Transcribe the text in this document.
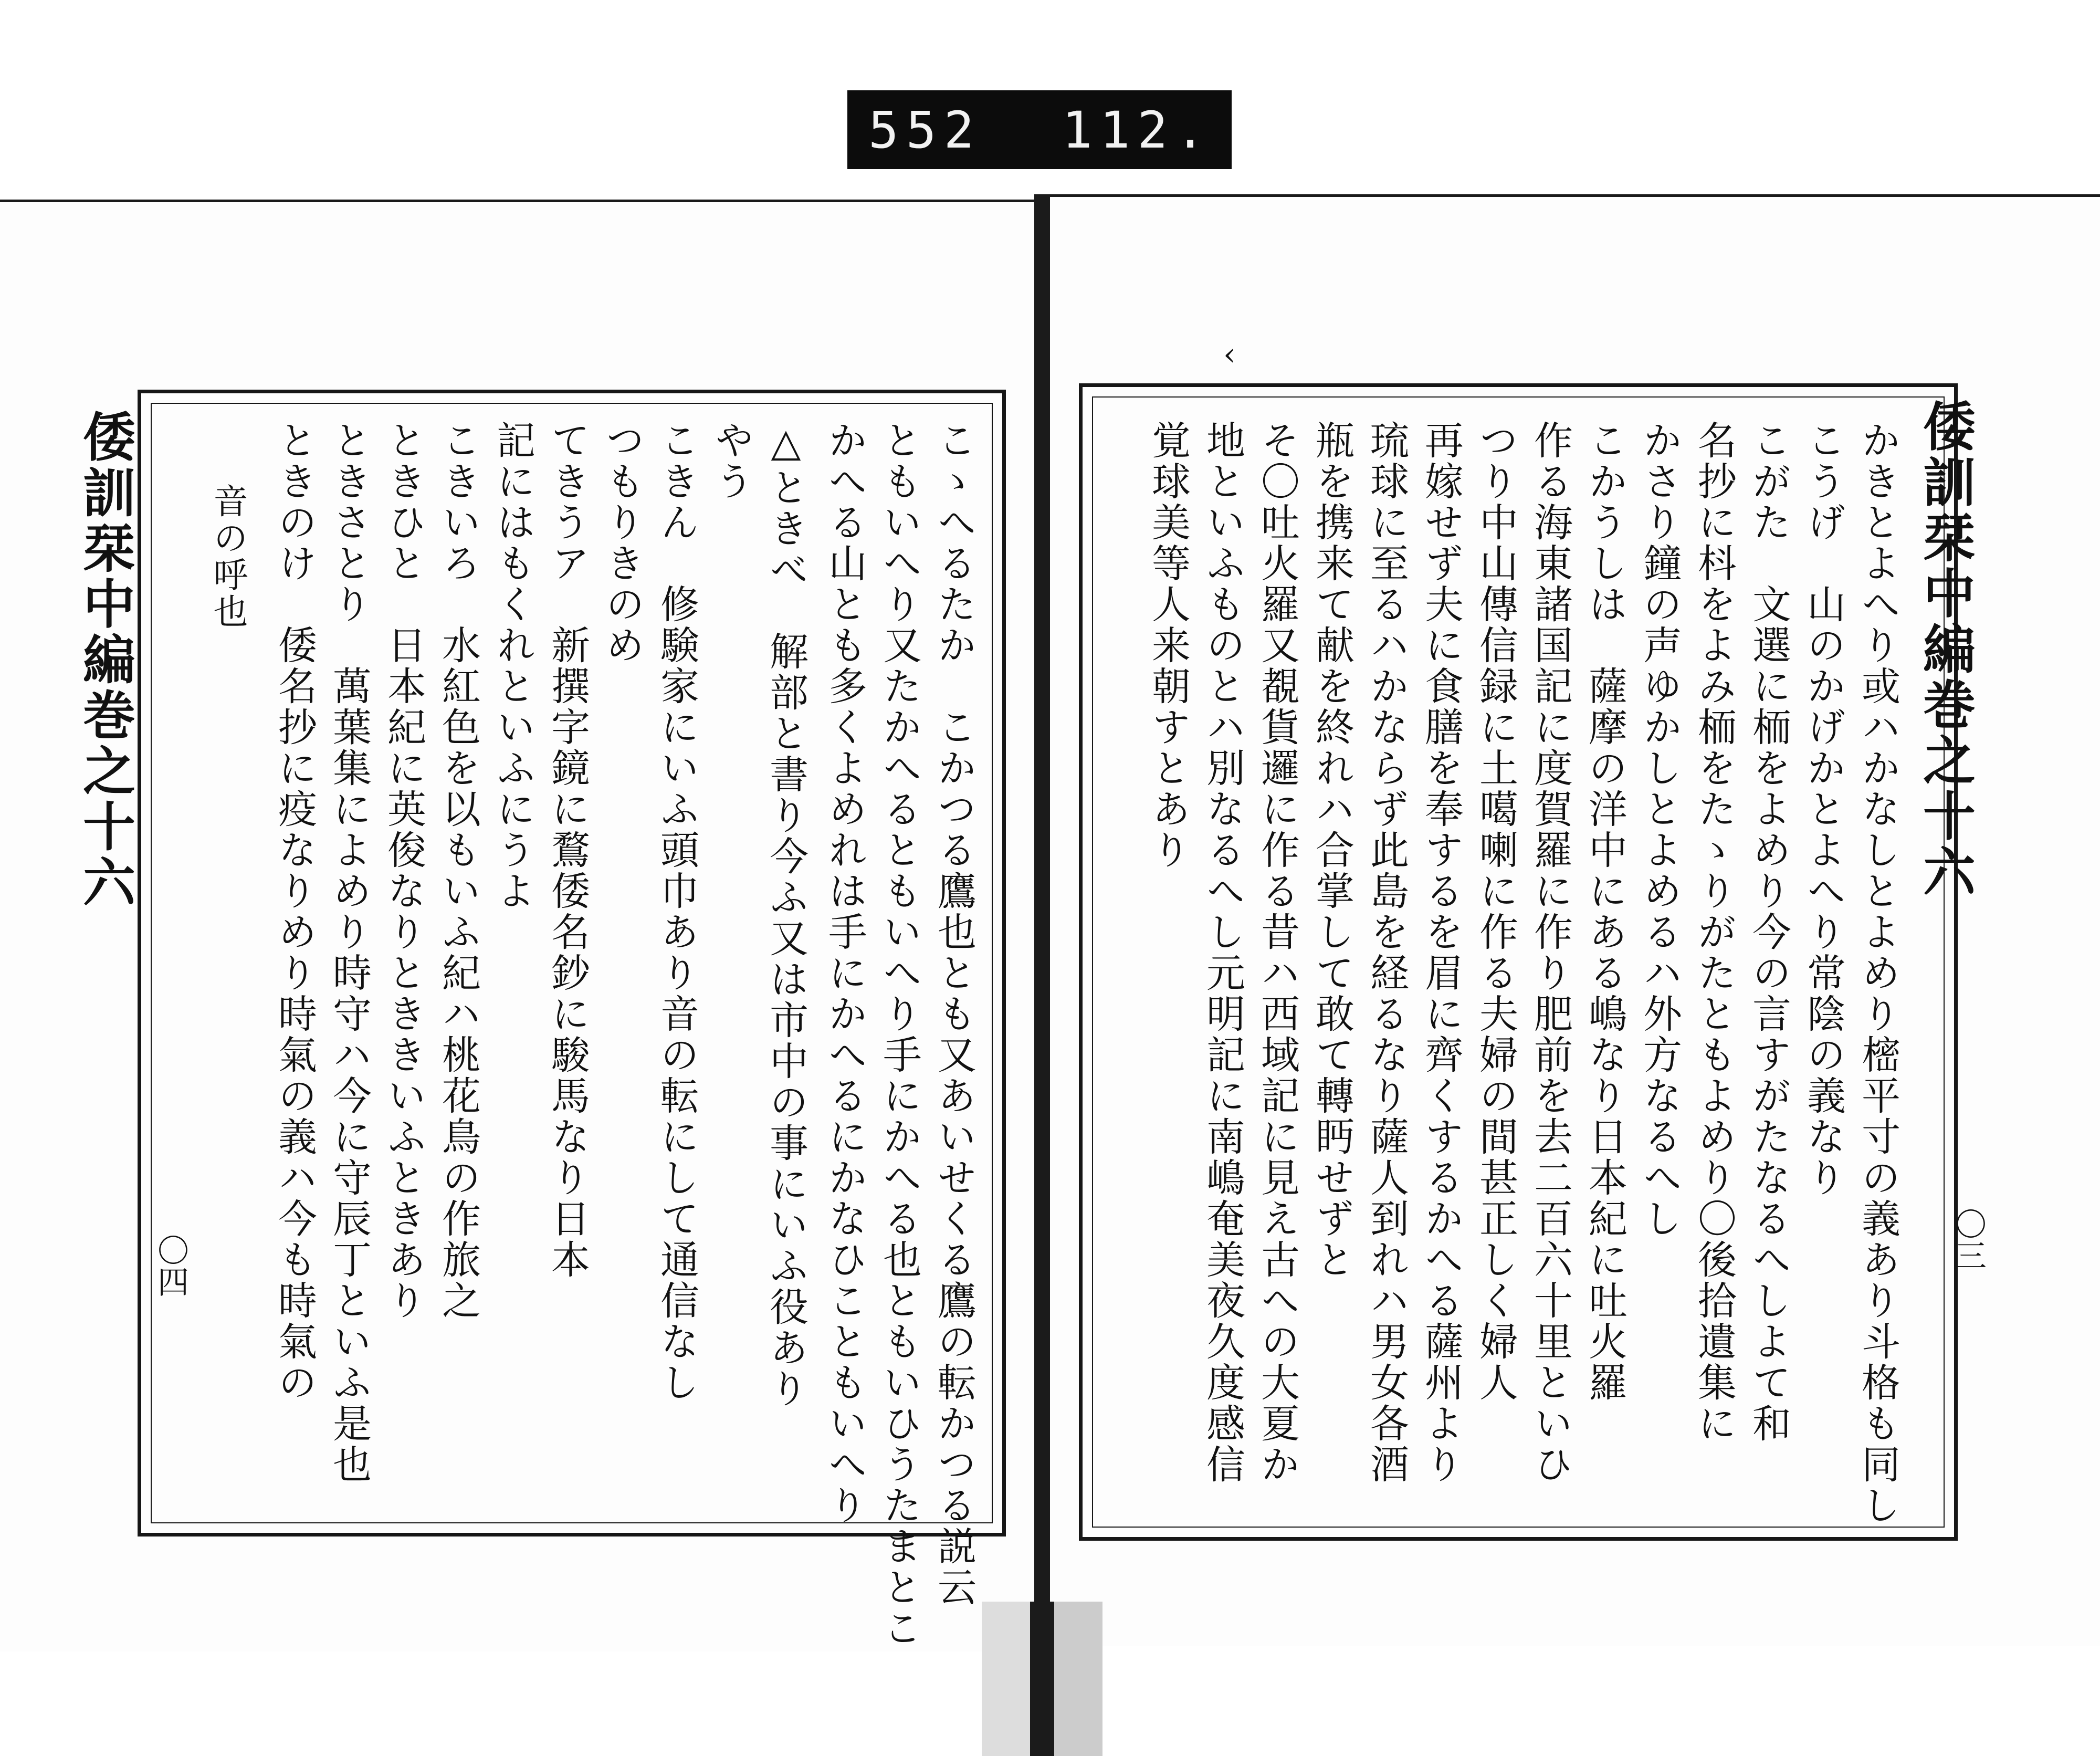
552 112.
‹
倭訓栞中編巻之十六	倭訓栞中編巻之十六
〇四	〇三
こゝへるたか　こかつる鷹也とも又あいせくる鷹の転かつる説云
ともいへり又たかへるともいへり手にかへる也ともいひうたまとこ
かへる山とも多くよめれは手にかへるにかなひこともいへり
△ときべ　解部と書り今ふ又は市中の事にいふ役あり
やう
こきん　修験家にいふ頭巾あり音の転にして通信なし
つもりきのめ
てきうア　新撰字鏡に鶩倭名鈔に駿馬なり日本
記にはもくれといふにうよ
こきいろ　水紅色を以もいふ紀ハ桃花鳥の作旅之
ときひと　日本紀に英俊なりとききいふときあり
ときさとり　萬葉集によめり時守ハ今に守辰丁といふ是也
ときのけ　倭名抄に疫なりめり時氣の義ハ今も時氣の
音の呼也	かきとよへり或ハかなしとよめり樒平寸の義あり斗格も同し
こうげ　山のかげかとよへり常陰の義なり
こがた　文選に栭をよめり今の言すがたなるへしよて和
名抄に枓をよみ栭をたゝりがたともよめり〇後拾遺集に
かさり鐘の声ゆかしとよめるハ外方なるへし
こかうしは　薩摩の洋中にある嶋なり日本紀に吐火羅
作る海東諸国記に度賀羅に作り肥前を去二百六十里といひ
つり中山傳信録に土噶喇に作る夫婦の間甚正しく婦人
再嫁せず夫に食膳を奉するを眉に齊くするかへる薩州より
琉球に至るハかならず此島を経るなり薩人到れハ男女各酒
瓶を携来て献を終れハ合掌して敢て轉眄せずと
そ〇吐火羅又覩貨邏に作る昔ハ西域記に見え古への大夏か
地といふものとハ別なるへし元明記に南嶋奄美夜久度感信
覚球美等人来朝すとあり
